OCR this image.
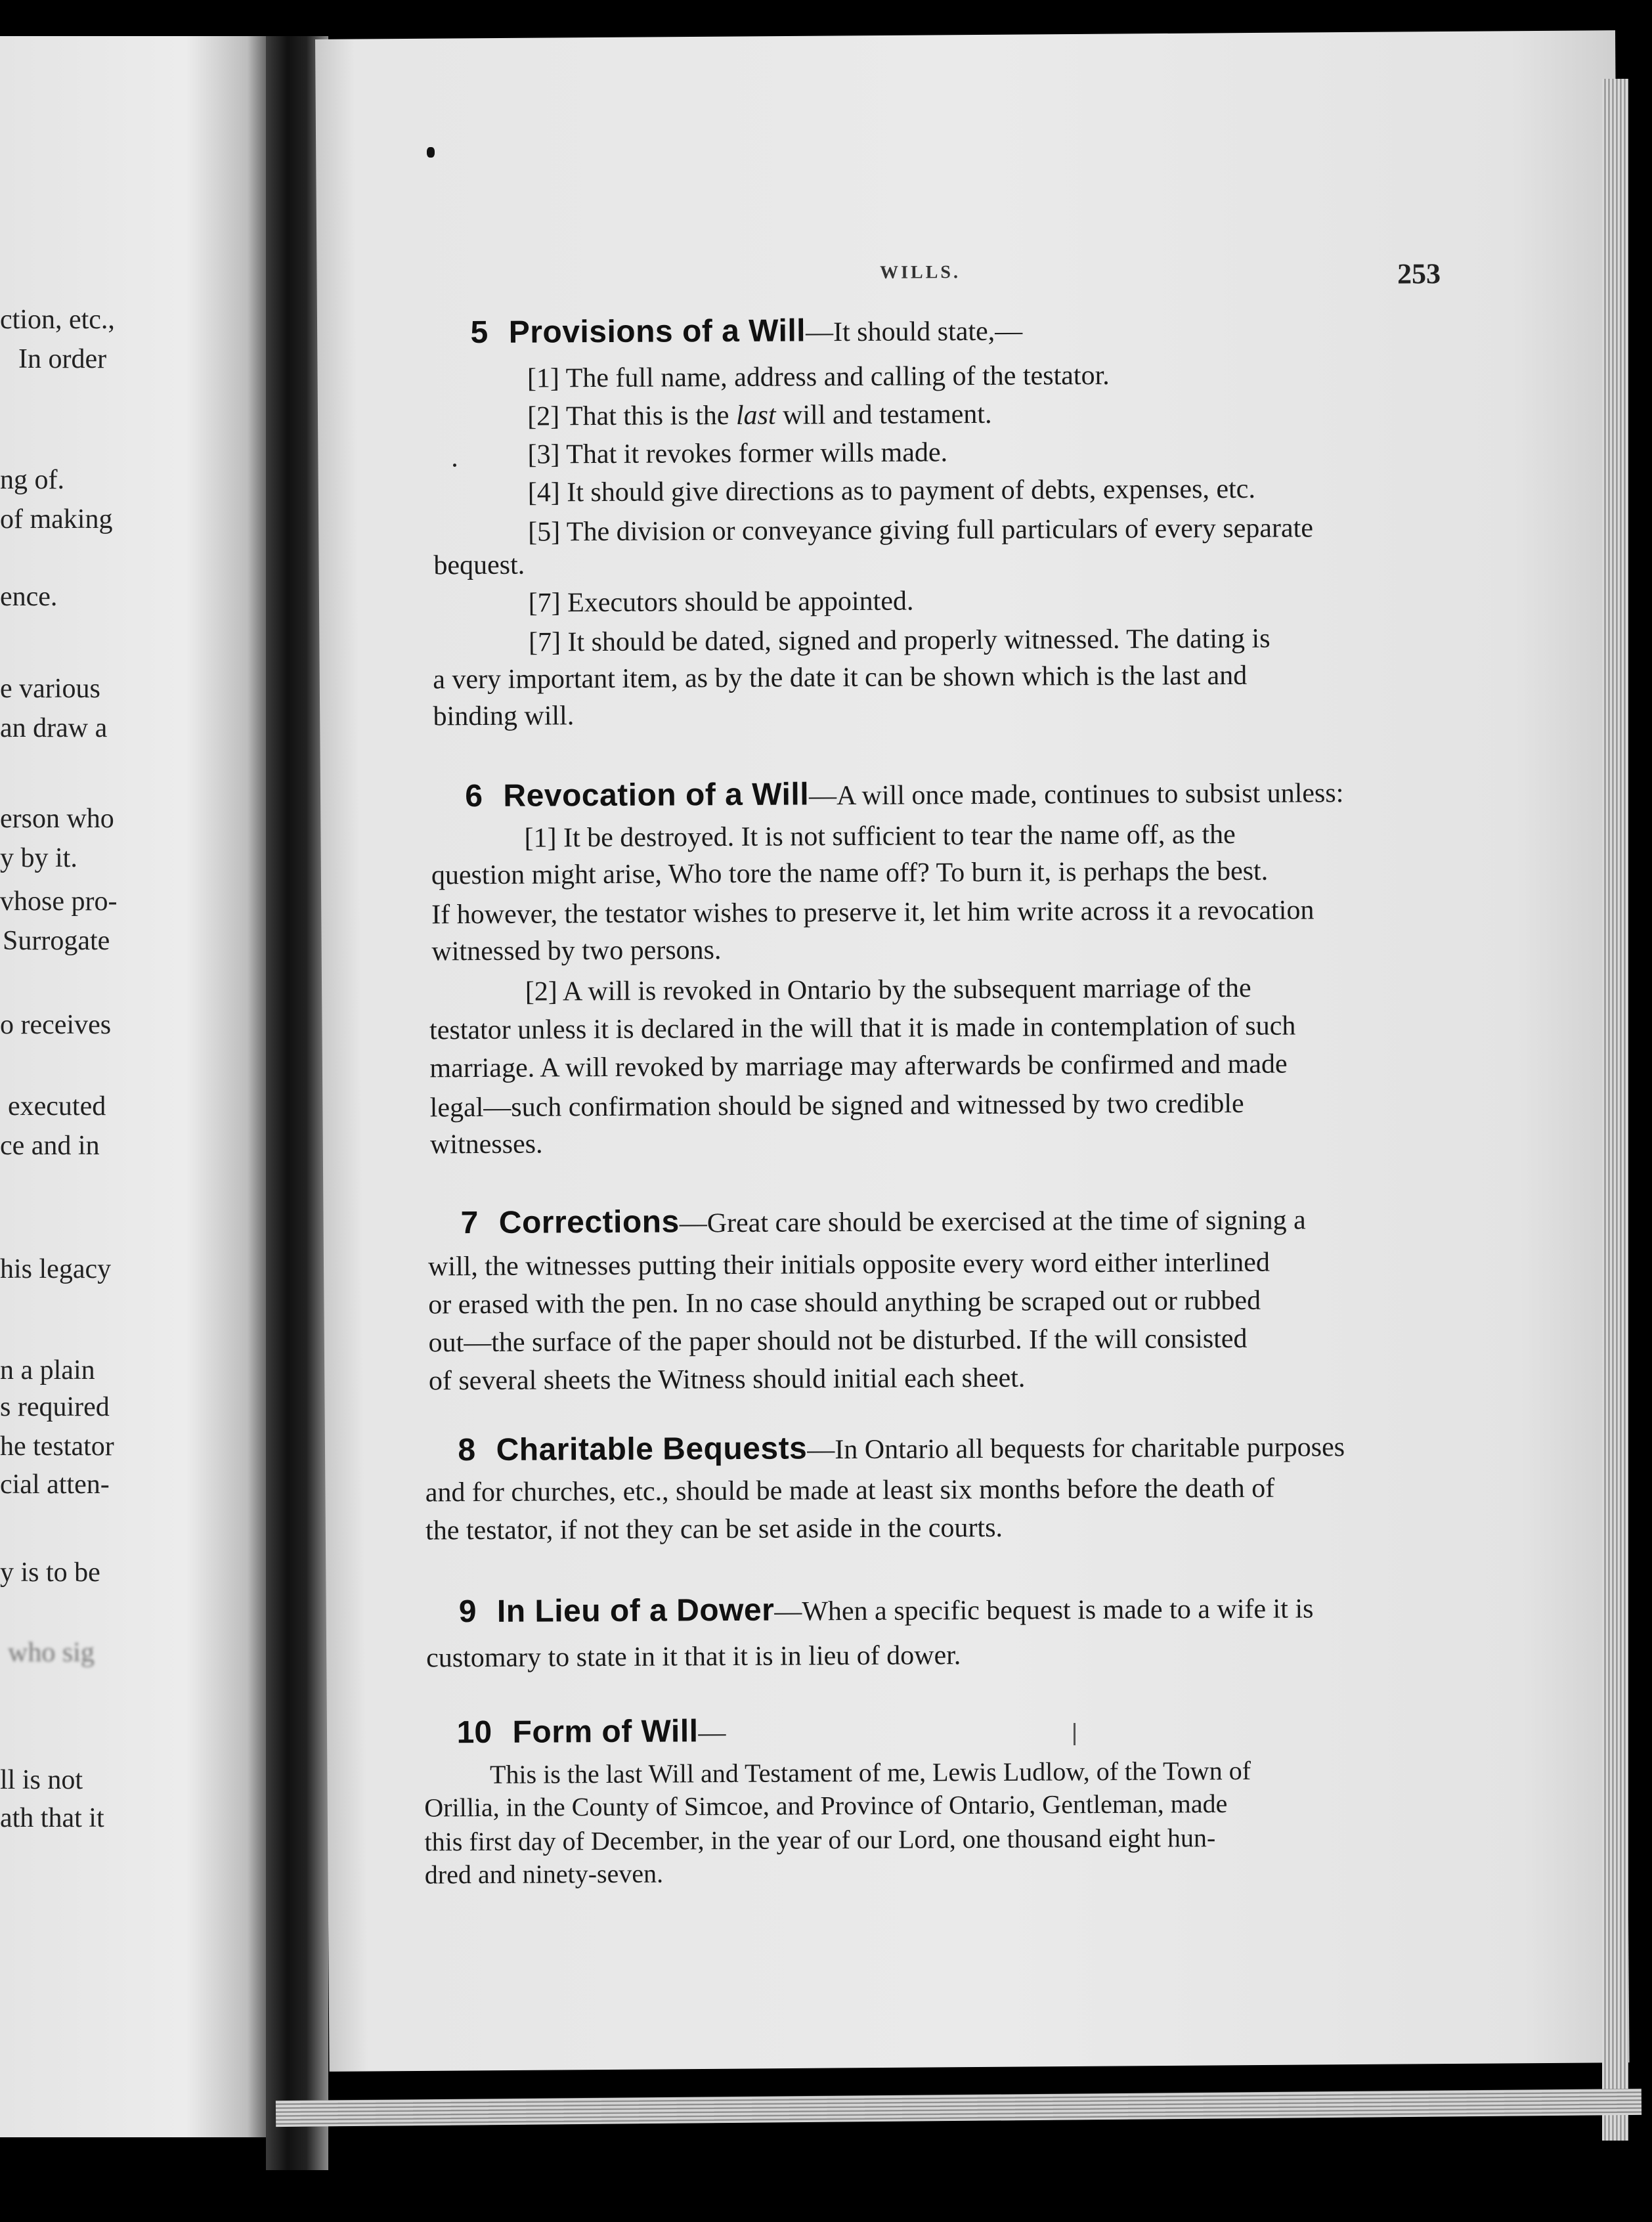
ction, etc.,
In order
ng of.
of making
ence.
e various
an draw a
erson who
y by it.
vhose pro-
Surrogate
o receives
executed
ce and in
his legacy
n a plain
s required
he testator
cial atten-
y is to be
who sig
ll is not
ath that it
WILLS.	253
5 Provisions of a Will—It should state,—
[1] The full name, address and calling of the testator.
[2] That this is the last will and testament.
[3] That it revokes former wills made.
[4] It should give directions as to payment of debts, expenses, etc.
[5] The division or conveyance giving full particulars of every separate
bequest.
[7] Executors should be appointed.
[7] It should be dated, signed and properly witnessed. The dating is
a very important item, as by the date it can be shown which is the last and
binding will.
6 Revocation of a Will—A will once made, continues to subsist unless:
[1] It be destroyed. It is not sufficient to tear the name off, as the
question might arise, Who tore the name off? To burn it, is perhaps the best.
If however, the testator wishes to preserve it, let him write across it a revocation
witnessed by two persons.
[2] A will is revoked in Ontario by the subsequent marriage of the
testator unless it is declared in the will that it is made in contemplation of such
marriage. A will revoked by marriage may afterwards be confirmed and made
legal—such confirmation should be signed and witnessed by two credible
witnesses.
7 Corrections—Great care should be exercised at the time of signing a
will, the witnesses putting their initials opposite every word either interlined
or erased with the pen. In no case should anything be scraped out or rubbed
out—the surface of the paper should not be disturbed. If the will consisted
of several sheets the Witness should initial each sheet.
8 Charitable Bequests—In Ontario all bequests for charitable purposes
and for churches, etc., should be made at least six months before the death of
the testator, if not they can be set aside in the courts.
9 In Lieu of a Dower—When a specific bequest is made to a wife it is
customary to state in it that it is in lieu of dower.
10 Form of Will—
This is the last Will and Testament of me, Lewis Ludlow, of the Town of
Orillia, in the County of Simcoe, and Province of Ontario, Gentleman, made
this first day of December, in the year of our Lord, one thousand eight hun-
dred and ninety-seven.
